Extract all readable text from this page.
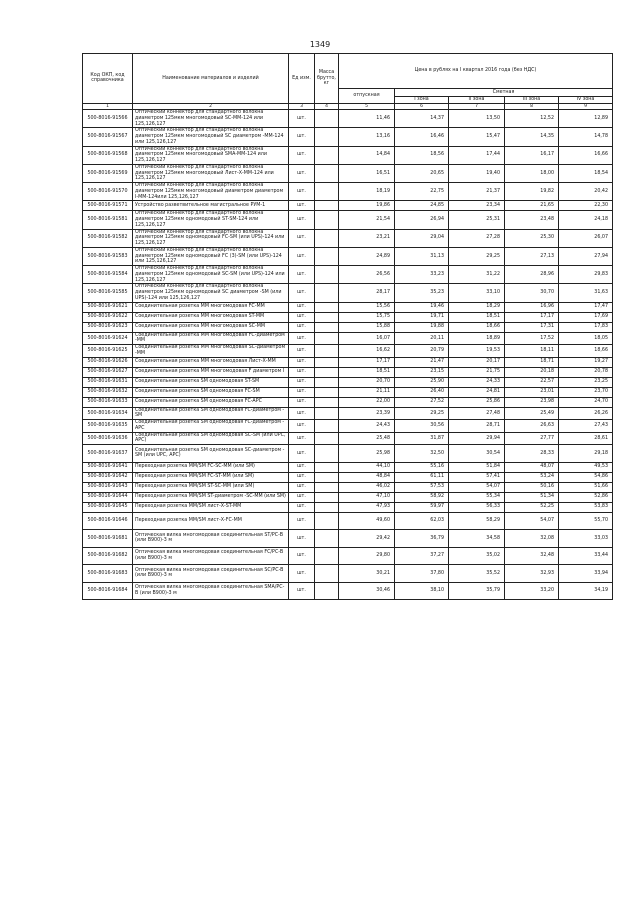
1349
Код ОКП, код справочника	Наименование материалов и изделий	Ед изм.	Масса брутто, кг	Цена в рублях на I квартал 2016 года (без НДС)				
				отпускная	Сметная			
					I зона	II зона	III зона	IV зона

1	2	3	4	5	6	7	8	9
500-8016-91566	Оптический коннектор для стандартного волокна диаметром 125мкм многомодовый SC-MM-124 или 125,126,127	шт.		11,46	14,37	13,50	12,52	12,89
500-8016-91567	Оптический коннектор для стандартного волокна диаметром 125мкм многомодовый SC диаметром -MM-124 или 125,126,127	шт.		13,16	16,46	15,47	14,35	14,78
500-8016-91568	Оптический коннектор для стандартного волокна диаметром 125мкм многомодовый SMA-MM-124 или 125,126,127	шт.		14,84	18,56	17,44	16,17	16,66
500-8016-91569	Оптический коннектор для стандартного волокна диаметром 125мкм многомодовый Лист-Х-MM-124 или 125,126,127	шт.		16,51	20,65	19,40	18,00	18,54
500-8016-91570	Оптический коннектор для стандартного волокна диаметром 125мкм многомодовый диаметром диаметром I-MM-124или 125,126,127	шт.		18,19	22,75	21,37	19,82	20,42
500-8016-91571	Устройство разветвительное магистральное РУМ-1	шт.		19,86	24,85	23,34	21,65	22,30
500-8016-91581	Оптический коннектор для стандартного волокна диаметром 125мкм одномодовый ST-SM-124 или 125,126,127	шт.		21,54	26,94	25,31	23,48	24,18
500-8016-91582	Оптический коннектор для стандартного волокна диаметром 125мкм одномодовый FC-SM (или UPS)-124 или 125,126,127	шт.		23,21	29,04	27,28	25,30	26,07
500-8016-91583	Оптический коннектор для стандартного волокна диаметром 125мкм одномодовый FC (3)-SM (или UPS)-124 или 125,126,127	шт.		24,89	31,13	29,25	27,13	27,94
500-8016-91584	Оптический коннектор для стандартного волокна диаметром 125мкм одномодовый SC-SM (или UPS)-124 или 125,126,127	шт.		26,56	33,23	31,22	28,96	29,83
500-8016-91585	Оптический коннектор для стандартного волокна диаметром 125мкм одномодовый SC диаметром -SM (или UPS)-124 или 125,126,127	шт.		28,17	35,23	33,10	30,70	31,63
500-8016-91621	Соединительная розетка MM многомодовая FC-MM	шт.		15,56	19,46	18,29	16,96	17,47
500-8016-91622	Соединительная розетка MM многомодовая ST-MM	шт.		15,75	19,71	18,51	17,17	17,69
500-8016-91623	Соединительная розетка MM многомодовая SC-MM	шт.		15,88	19,88	18,66	17,31	17,83
500-8016-91624	Соединительная розетка MM многомодовая FC-диаметром -MM	шт.		16,07	20,11	18,89	17,52	18,05
500-8016-91625	Соединительная розетка MM многомодовая SC-диаметром -MM	шт.		16,62	20,79	19,53	18,11	18,66
500-8016-91626	Соединительная розетка MM многомодовая Лист-Х-MM	шт.		17,17	21,47	20,17	18,71	19,27
500-8016-91627	Соединительная розетка MM многомодовая F диаметром I	шт.		18,51	23,15	21,75	20,18	20,78
500-8016-91631	Соединительная розетка SM одномодовая ST-SM	шт.		20,70	25,90	24,33	22,57	23,25
500-8016-91632	Соединительная розетка SM одномодовая FC-SM	шт.		21,11	26,40	24,81	23,01	23,70
500-8016-91633	Соединительная розетка SM одномодовая FC-APC	шт.		22,00	27,52	25,86	23,98	24,70
500-8016-91634	Соединительная розетка SM одномодовая FC-диаметром -SM	шт.		23,39	29,25	27,48	25,49	26,26
500-8016-91635	Соединительная розетка SM одномодовая FC-диаметром -APC	шт.		24,43	30,56	28,71	26,63	27,43
500-8016-91636	Соединительная розетка SM одномодовая SC-SM (или UPC, APC)	шт.		25,48	31,87	29,94	27,77	28,61
500-8016-91637	Соединительная розетка SM одномодовая SC-диаметром -SM (или UPC, APC)	шт.		25,98	32,50	30,54	28,33	29,18
500-8016-91641	Переходная розетка MM/SM FC-SC-MM (или SM)	шт.		44,10	55,16	51,84	48,07	49,53
500-8016-91642	Переходная розетка MM/SM FC-ST-MM (или SM)	шт.		48,84	61,11	57,41	53,24	54,86
500-8016-91643	Переходная розетка MM/SM ST-SC-MM (или SM)	шт.		46,02	57,53	54,07	50,16	51,66
500-8016-91644	Переходная розетка MM/SM ST-диаметром -SC-MM (или SM)	шт.		47,10	58,92	55,34	51,34	52,86
500-8016-91645	Переходная розетка MM/SM лист-Х-ST-MM	шт.		47,93	59,97	56,33	52,25	53,83
500-8016-91646	Переходная розетка MM/SM лист-Х-FC-MM	шт.		49,60	62,03	58,29	54,07	55,70
500-8016-91681	Оптическая вилка многомодовая соединительная ST/PC-B (или B900)-3 м	шт.		29,42	36,79	34,58	32,08	33,03
500-8016-91682	Оптическая вилка многомодовая соединительная FC/PC-B (или B900)-3 м	шт.		29,80	37,27	35,02	32,48	33,44
500-8016-91683	Оптическая вилка многомодовая соединительная SC/PC-B (или B900)-3 м	шт.		30,21	37,80	35,52	32,93	33,94
500-8016-91684	Оптическая вилка многомодовая соединительная SMA/PC-B (или B900)-3 м	шт.		30,46	38,10	35,79	33,20	34,19
